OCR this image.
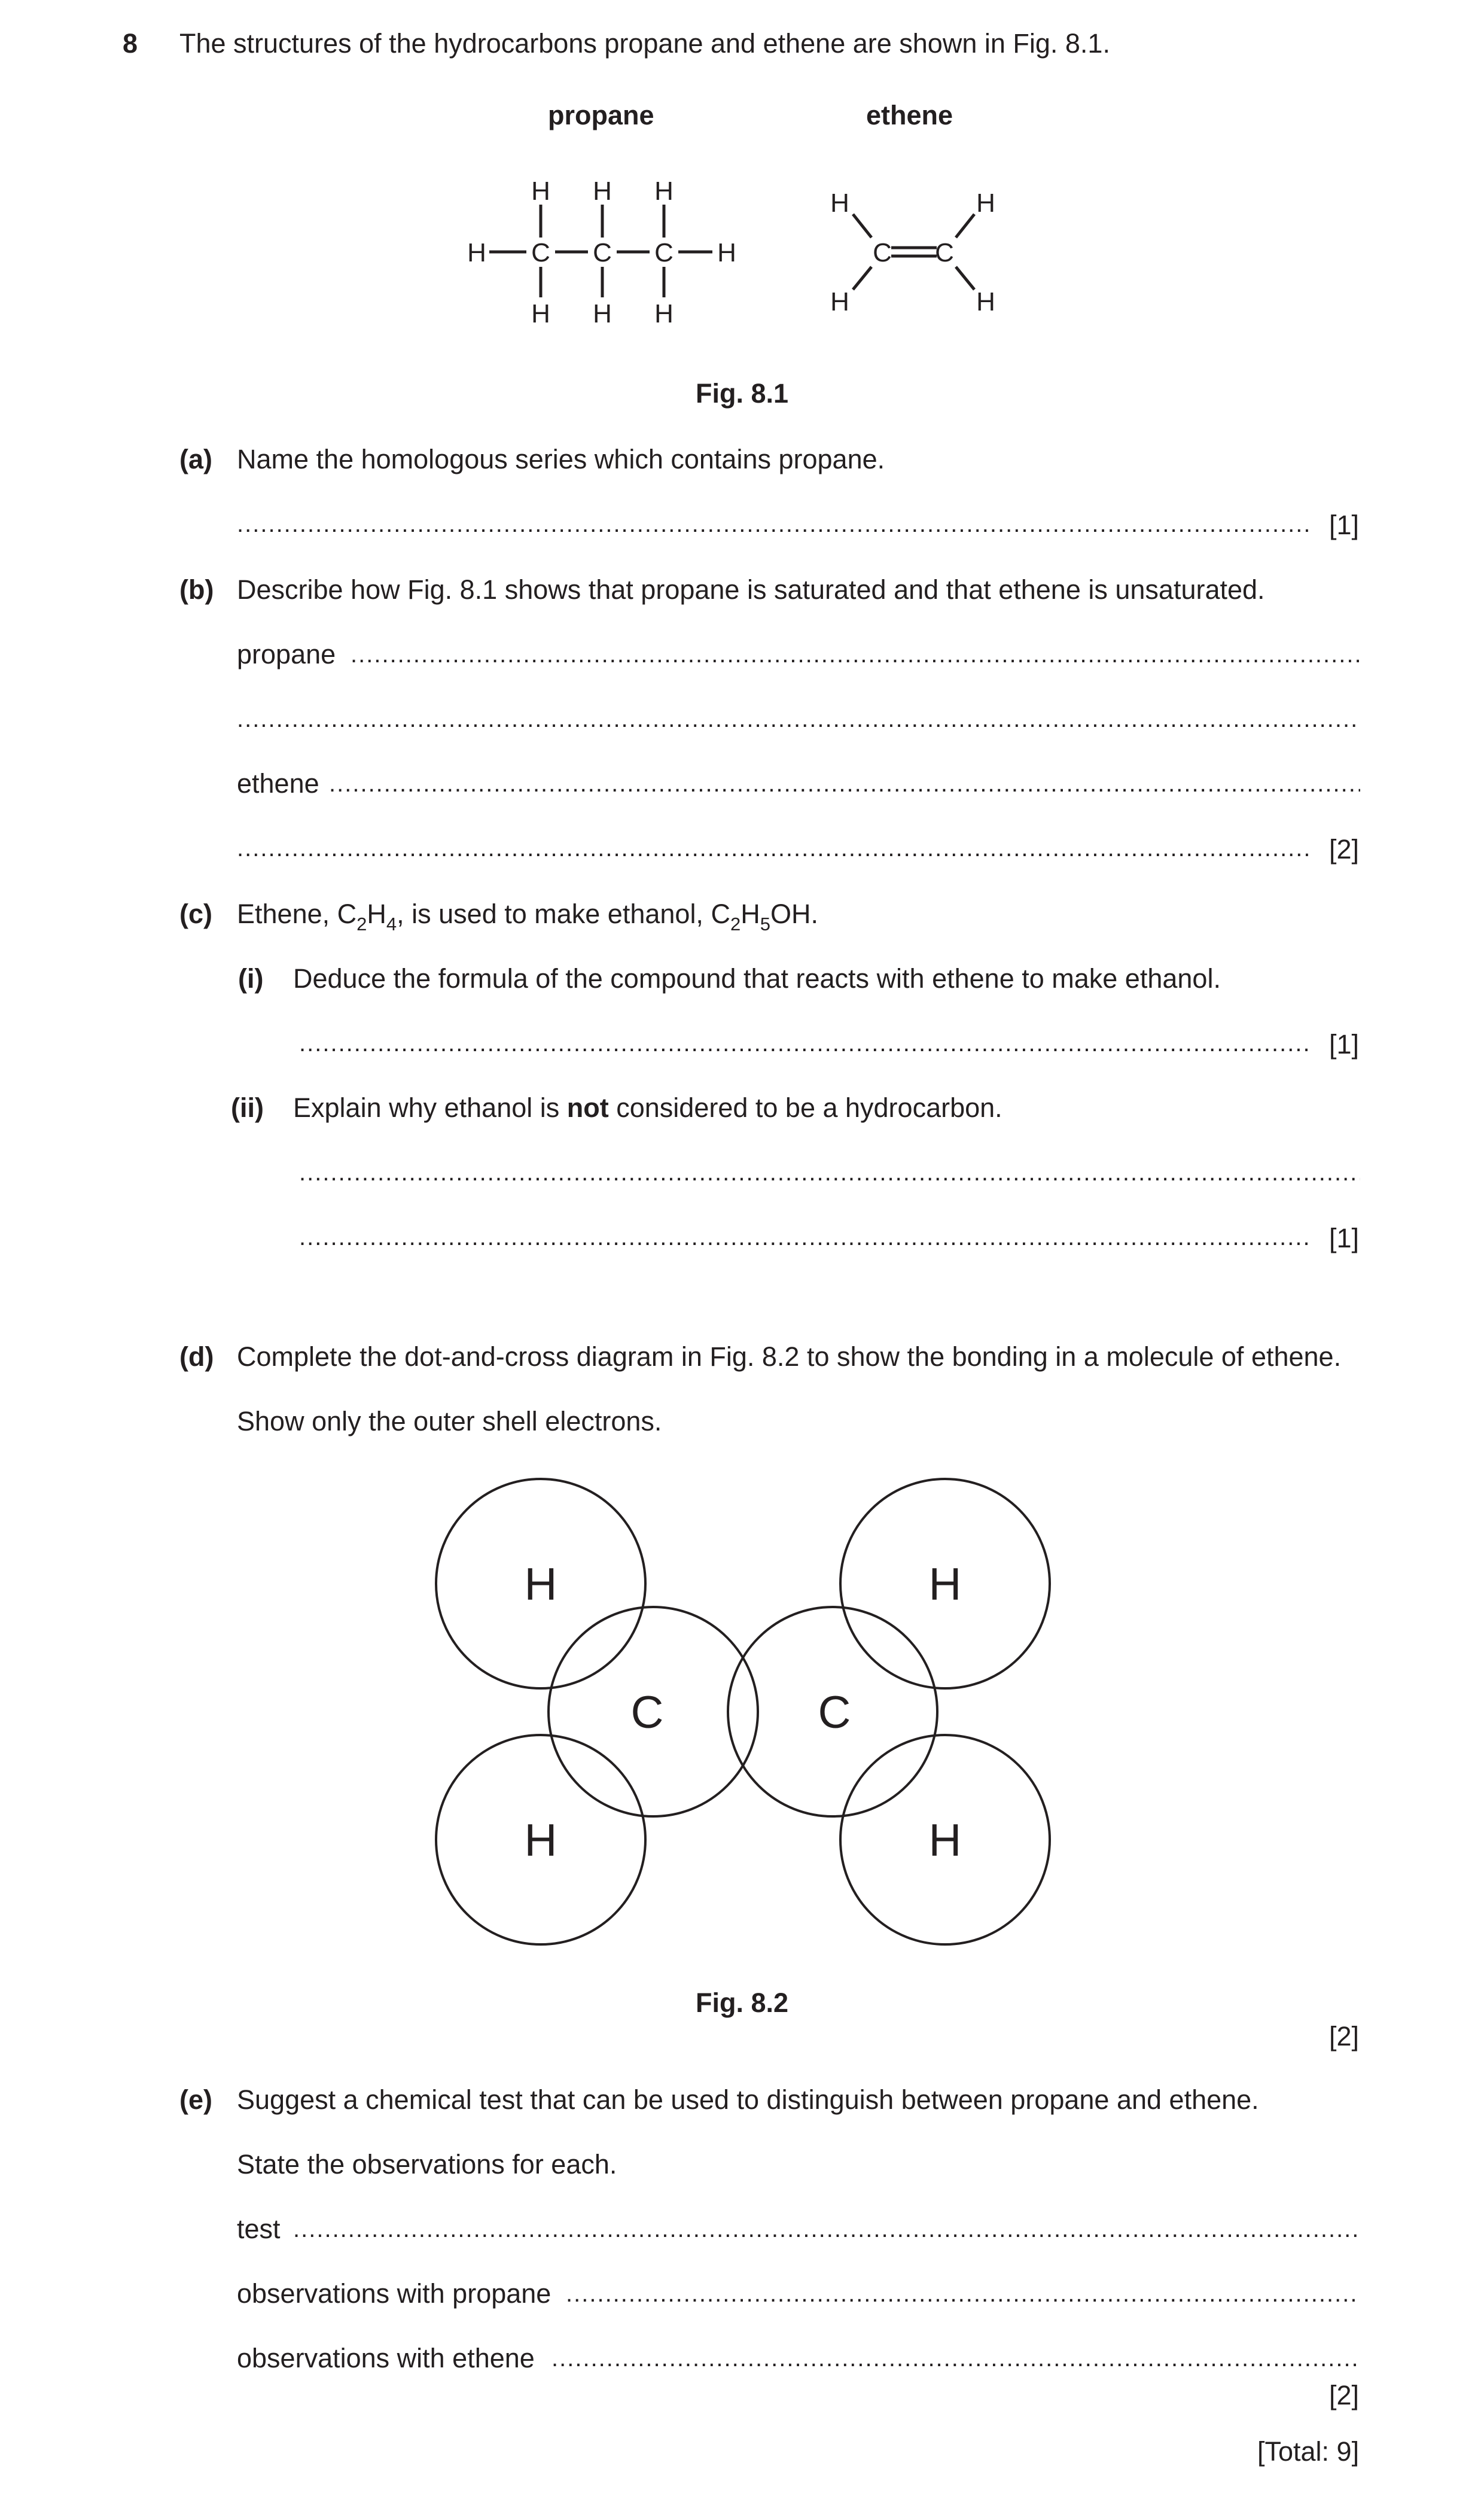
8 The structures of the hydrocarbons propane and ethene are shown in Fig. 8.1.
propane	ethene
H C C C H
H H H
H H H
H	H
C C
H	H
H	H
C	C
H	H
Fig. 8.1
(a) Name the homologous series which contains propane.
.....
[1]
(b) Describe how Fig. 8.1 shows that propane is saturated and that ethene is unsaturated.
propane
.....
.....
ethene
.....
.....
[2]
(c) Ethene, $C_2H_4$, is used to make ethanol, $C_2H_5OH$.
(i) Deduce the formula of the compound that reacts with ethene to make ethanol.
.....
[1]
(ii) Explain why ethanol is not considered to be a hydrocarbon.
.....
.....
[1]
(d) Complete the dot-and-cross diagram in Fig. 8.2 to show the bonding in a molecule of ethene.
Show only the outer shell electrons.
Fig. 8.2
[2]
(e) Suggest a chemical test that can be used to distinguish between propane and ethene.
State the observations for each.
test
.....
observations with propane
.....
observations with ethene
.....
[2]
[Total: 9]
